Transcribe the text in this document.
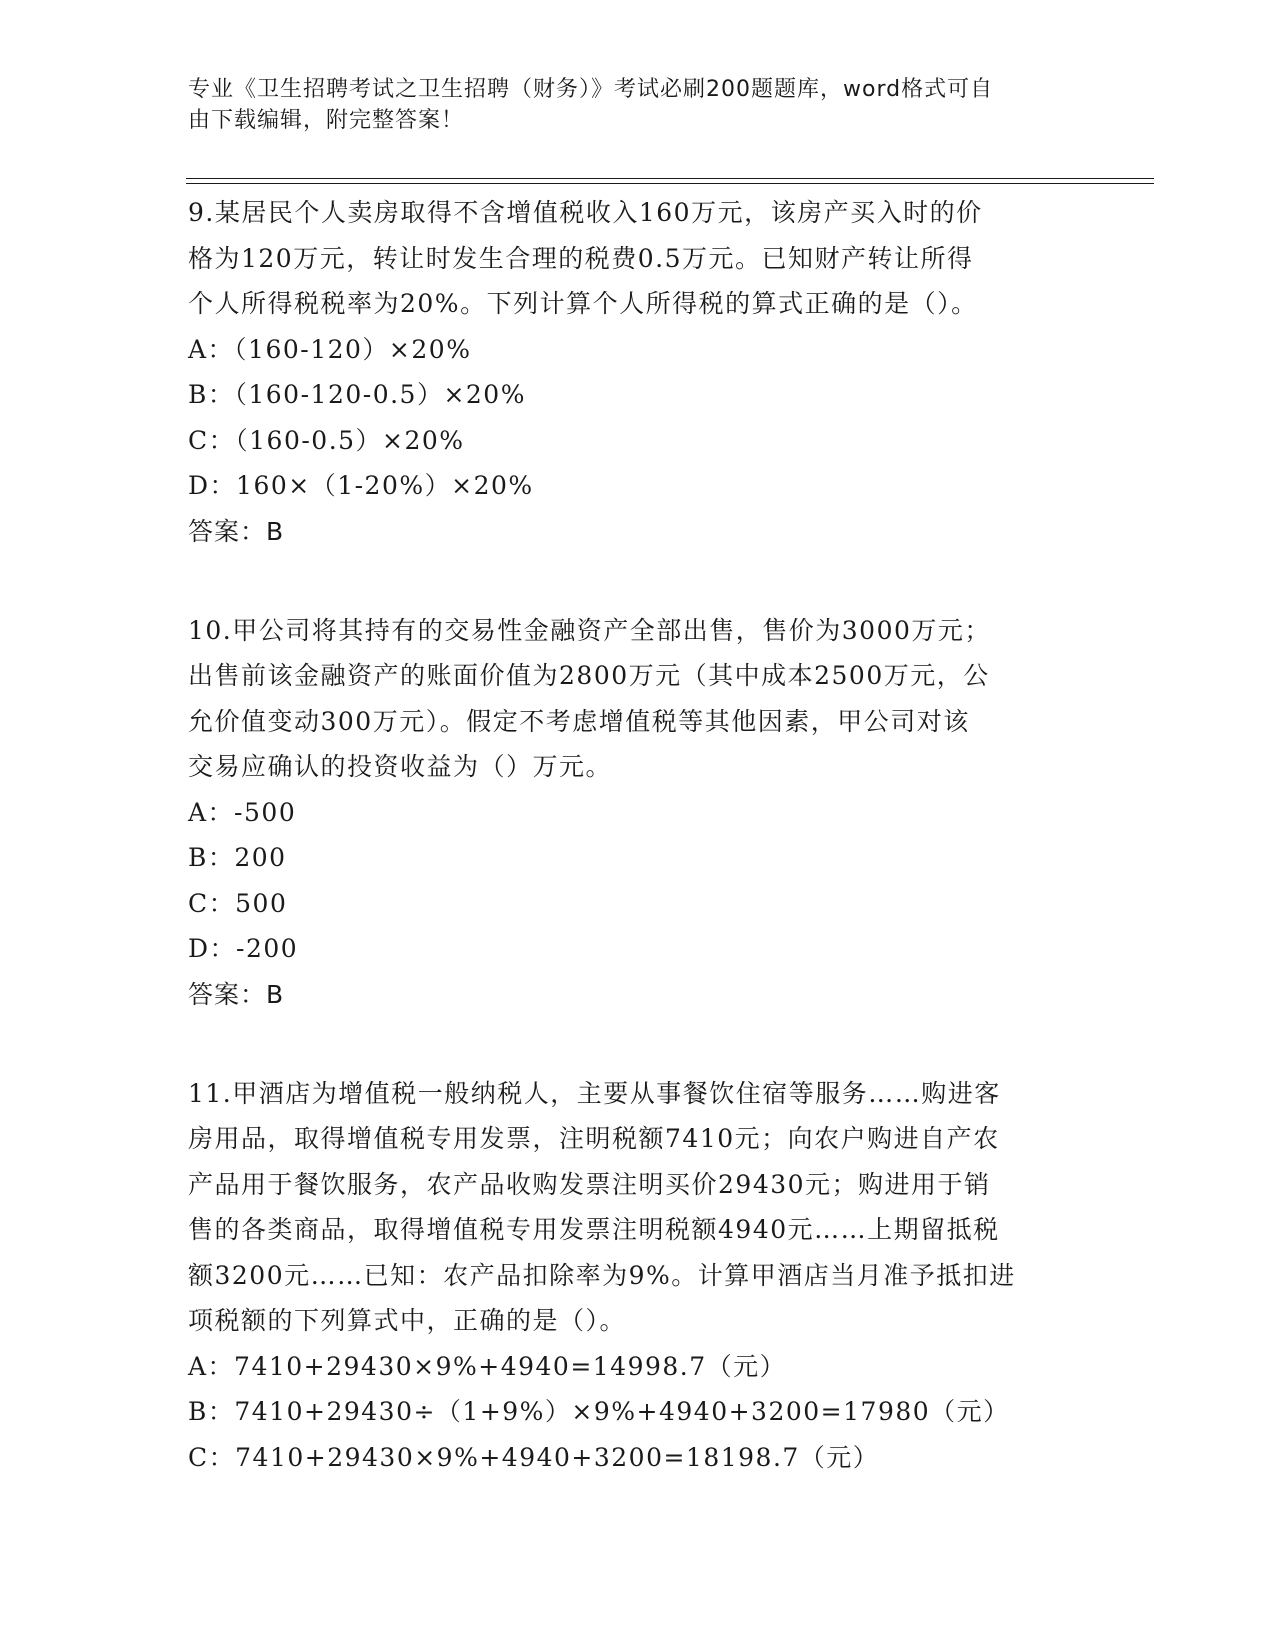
专业《卫生招聘考试之卫生招聘（财务）》考试必刷200题题库，word格式可自
由下载编辑，附完整答案！

9.某居民个人卖房取得不含增值税收入160万元，该房产买入时的价
格为120万元，转让时发生合理的税费0.5万元。已知财产转让所得
个人所得税税率为20%。下列计算个人所得税的算式正确的是（）。

A：（160-120）×20%

B：（160-120-0.5）×20%

C：（160-0.5）×20%

D：160×（1-20%）×20%

答案：B

10.甲公司将其持有的交易性金融资产全部出售，售价为3000万元；
出售前该金融资产的账面价值为2800万元（其中成本2500万元，公
允价值变动300万元）。假定不考虑增值税等其他因素，甲公司对该
交易应确认的投资收益为（）万元。

A：-500

B：200

C：500

D：-200

答案：B

11.甲酒店为增值税一般纳税人，主要从事餐饮住宿等服务……购进客
房用品，取得增值税专用发票，注明税额7410元；向农户购进自产农
产品用于餐饮服务，农产品收购发票注明买价29430元；购进用于销
售的各类商品，取得增值税专用发票注明税额4940元……上期留抵税
额3200元……已知：农产品扣除率为9%。计算甲酒店当月准予抵扣进
项税额的下列算式中，正确的是（）。

A：7410+29430×9%+4940=14998.7（元）

B：7410+29430÷（1+9%）×9%+4940+3200=17980（元）

C：7410+29430×9%+4940+3200=18198.7（元）
